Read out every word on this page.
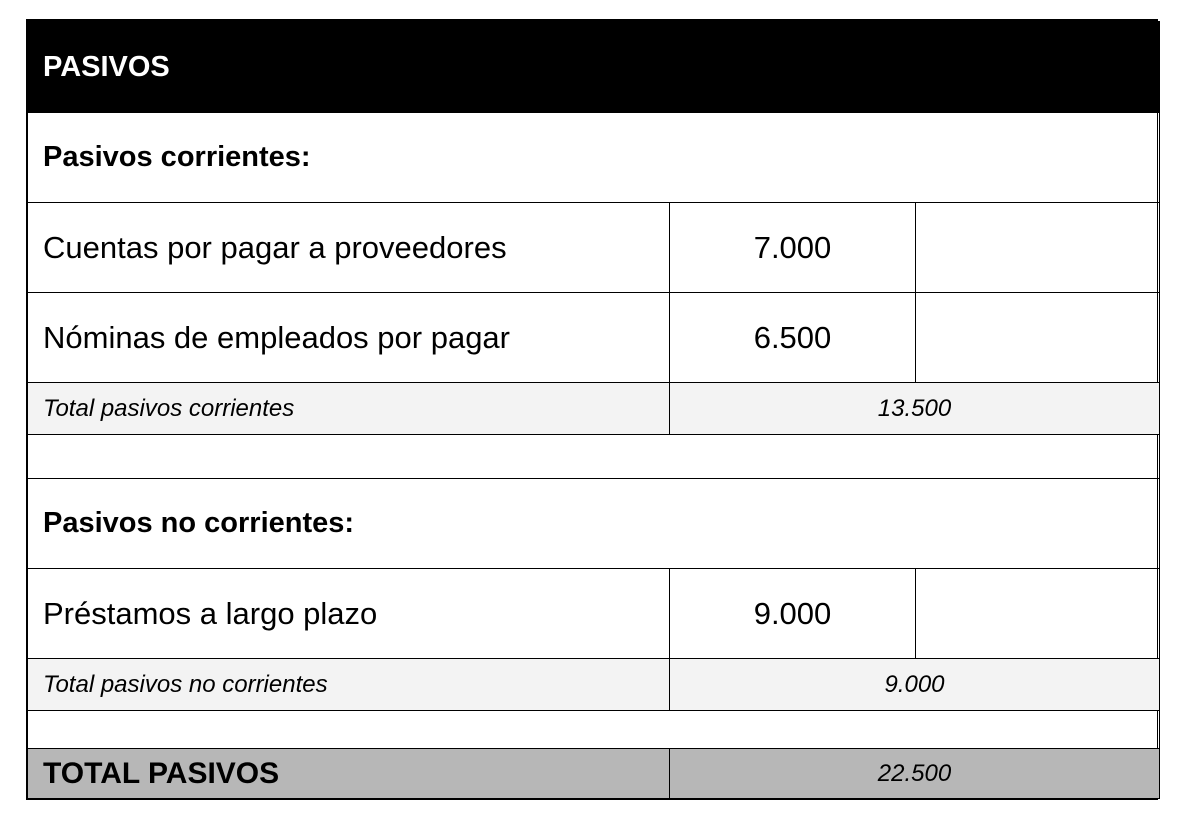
PASIVOS		
Pasivos corrientes:		
Cuentas por pagar a proveedores	7.000	
Nóminas de empleados por pagar	6.500	
Total pasivos corrientes	13.500	

Pasivos no corrientes:		
Préstamos a largo plazo	9.000	
Total pasivos no corrientes	9.000	

TOTAL PASIVOS	22.500	
